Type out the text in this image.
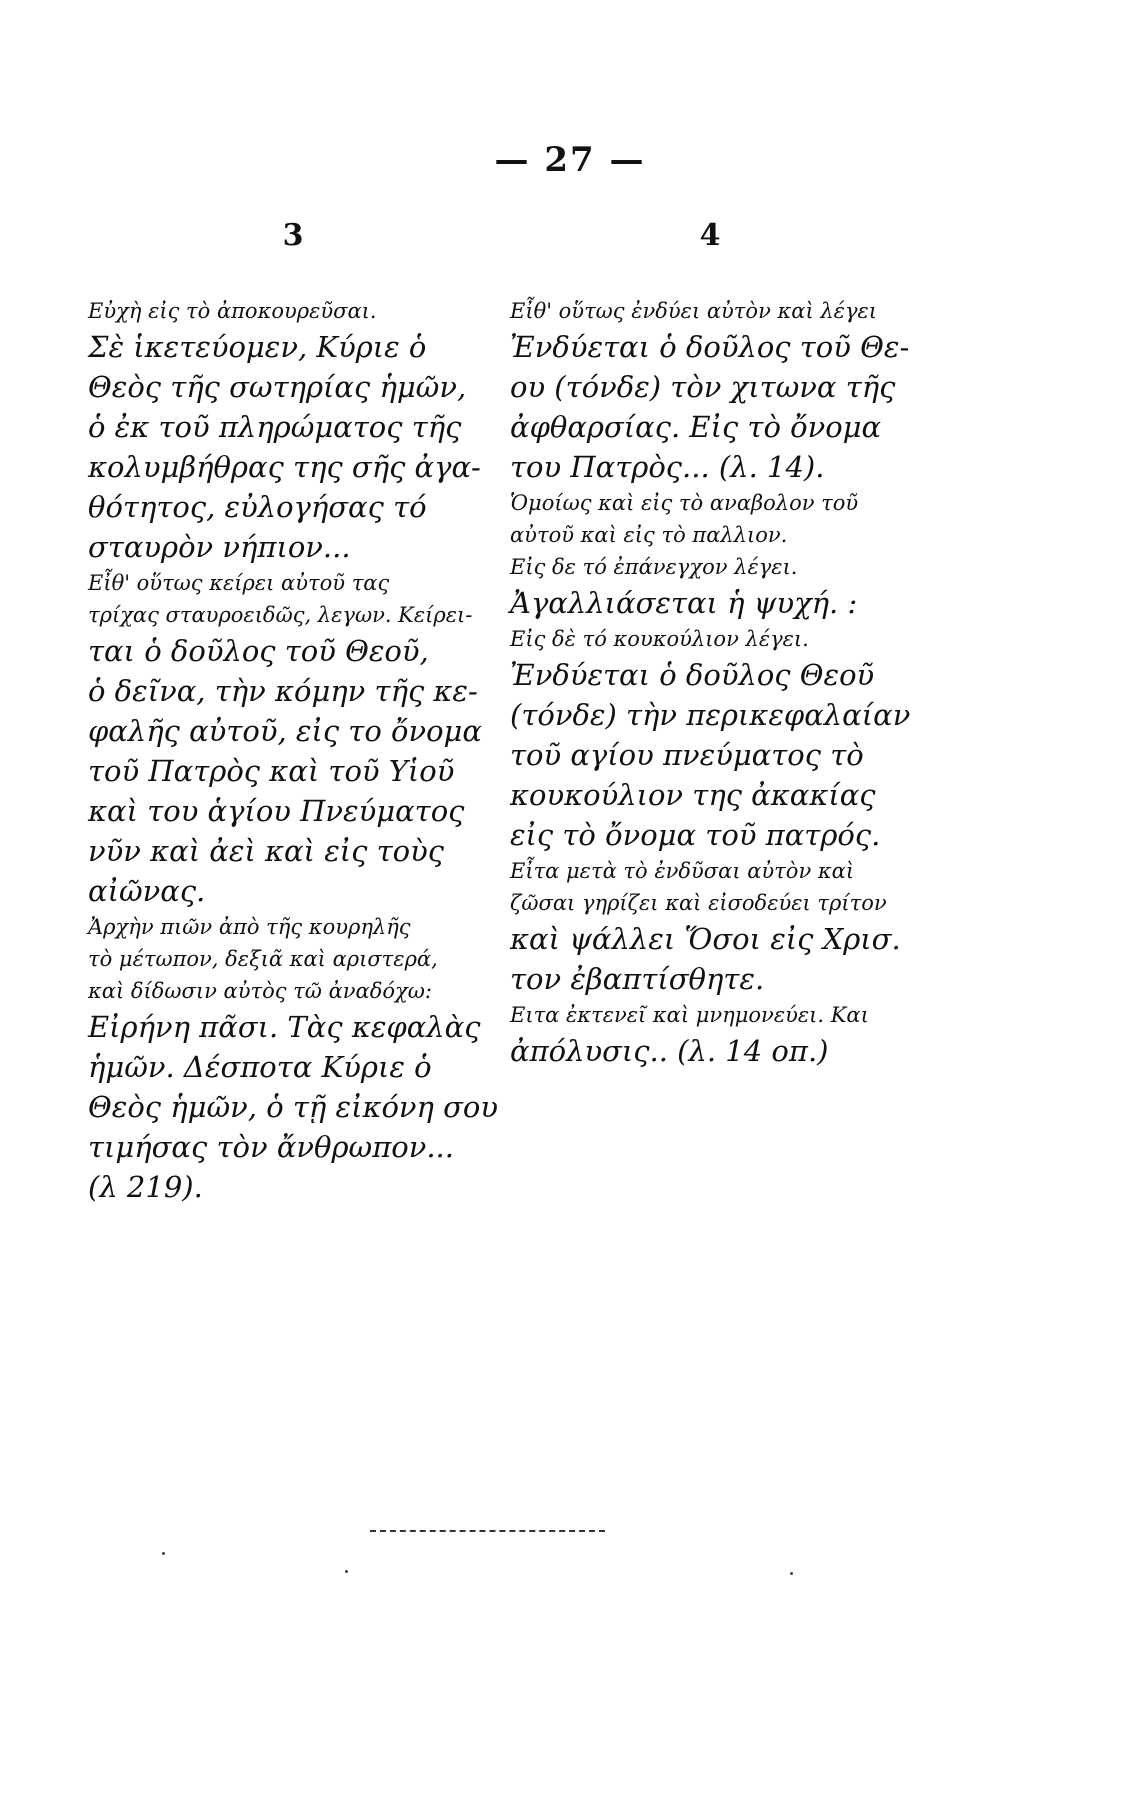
— 27 —
3
Εὐχὴ εἰς τὸ ἀποκουρεῦσαι.
Σὲ ἱκετεύομεν, Κύριε ὁ
Θεὸς τῆς σωτηρίας ἡμῶν,
ὁ ἐκ τοῦ πληρώματος τῆς
κολυμβήθρας της σῆς ἀγα-
θότητος, εὐλογήσας τό
σταυρὸν νήπιον...
Εἶθ' οὕτως κείρει αὐτοῦ τας
τρίχας σταυροειδῶς, λεγων. Κείρει-
ται ὁ δοῦλος τοῦ Θεοῦ,
ὁ δεῖνα, τὴν κόμην τῆς κε-
φαλῆς αὐτοῦ, εἰς το ὄνομα
τοῦ Πατρὸς καὶ τοῦ Υἱοῦ
καὶ του ἁγίου Πνεύματος
νῦν καὶ ἀεὶ καὶ εἰς τοὺς
αἰῶνας.
Ἀρχὴν πιῶν ἀπὸ τῆς κουρηλῆς
τὸ μέτωπον, δεξιᾶ καὶ αριστερά,
καὶ δίδωσιν αὐτὸς τῶ ἀναδόχω:
Εἰρήνη πᾶσι. Τὰς κεφαλὰς
ἡμῶν. Δέσποτα Κύριε ὁ
Θεὸς ἡμῶν, ὁ τῇ εἰκόνη σου
τιμήσας τὸν ἄνθρωπον...
(λ 219).
4
Εἶθ' οὕτως ἐνδύει αὐτὸν καὶ λέγει
Ἐνδύεται ὁ δοῦλος τοῦ Θε-
ου (τόνδε) τὸν χιτωνα τῆς
ἀφθαρσίας. Εἰς τὸ ὄνομα
του Πατρὸς... (λ. 14).
Ὁμοίως καὶ εἰς τὸ αναβολον τοῦ
αὐτοῦ καὶ εἰς τὸ παλλιον.
Εἰς δε τό ἐπάνεγχον λέγει.
Ἀγαλλιάσεται ἡ ψυχή. :
Εἰς δὲ τό κουκούλιον λέγει.
Ἐνδύεται ὁ δοῦλος Θεοῦ
(τόνδε) τὴν περικεφαλαίαν
τοῦ αγίου πνεύματος τὸ
κουκούλιον της ἀκακίας
εἰς τὸ ὄνομα τοῦ πατρός.
Εἶτα μετὰ τὸ ἐνδῦσαι αὐτὸν καὶ
ζῶσαι γηρίζει καὶ εἰσοδεύει τρίτον
καὶ ψάλλει Ὅσοι εἰς Χρισ.
τον ἐβαπτίσθητε.
Ειτα ἐκτενεῖ καὶ μνημονεύει. Και
ἀπόλυσις.. (λ. 14 οπ.)
